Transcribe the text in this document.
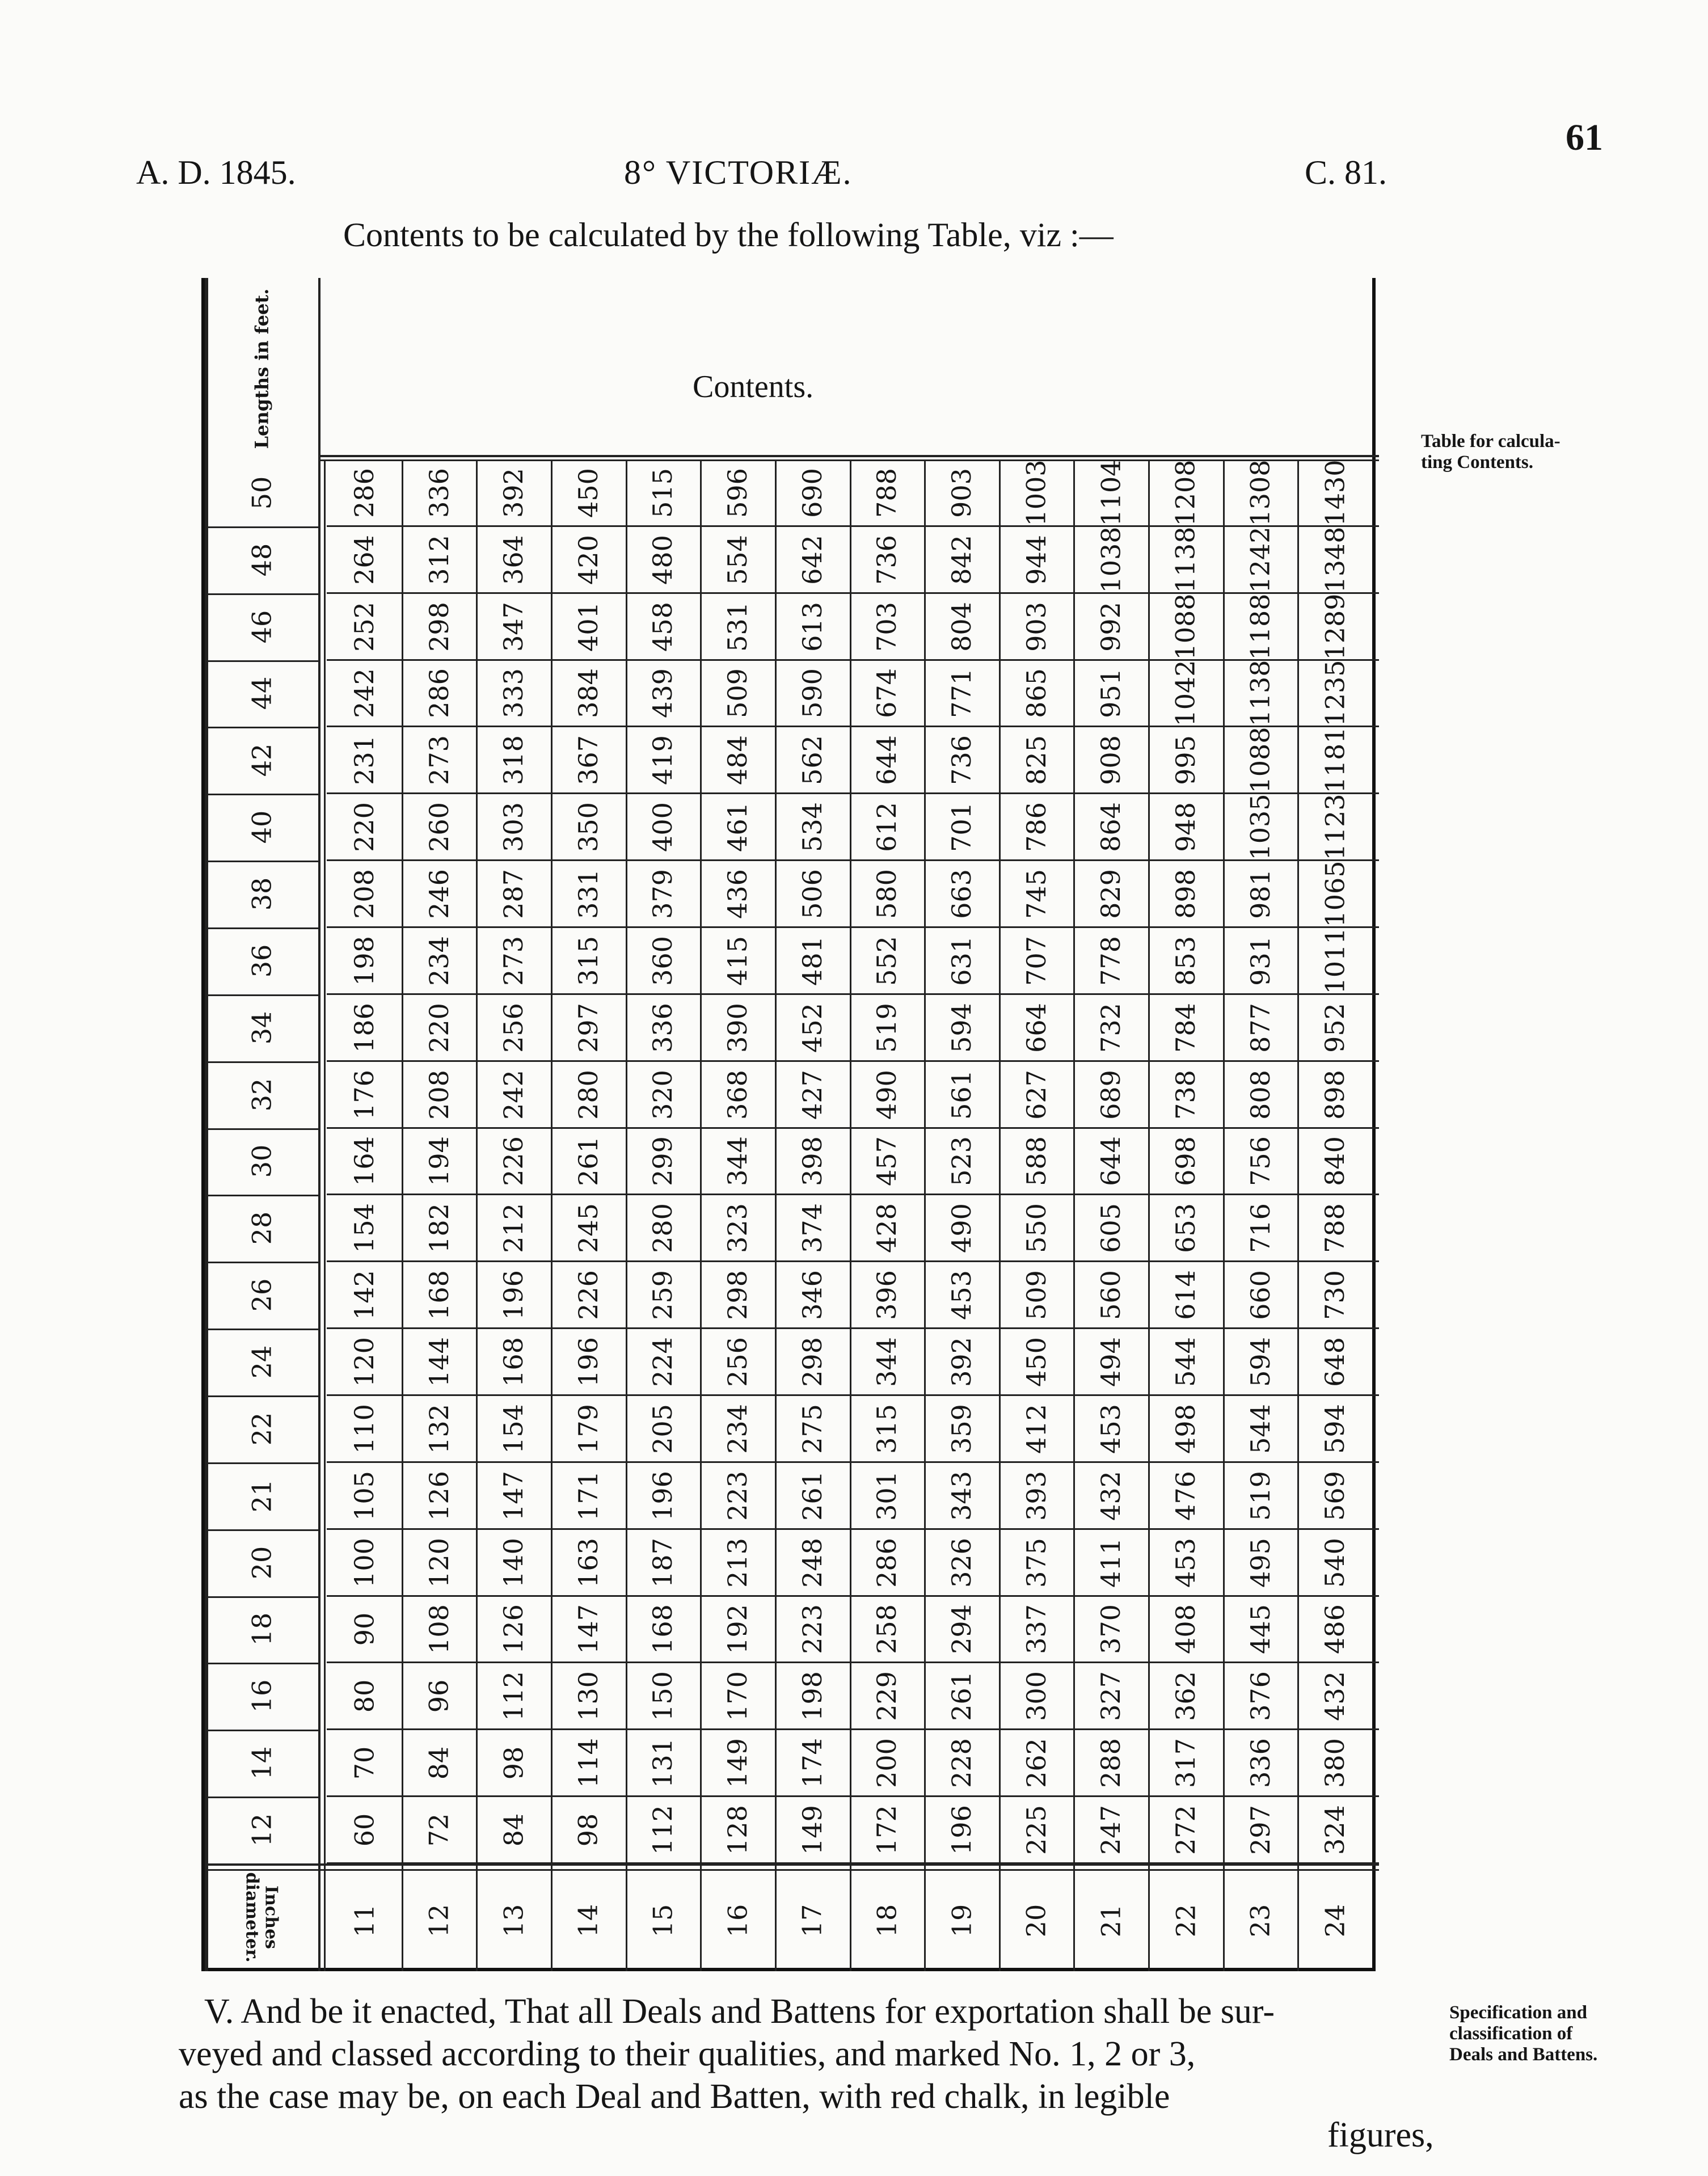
A. D. 1845.	8° VICTORIÆ.	C. 81.
61
Contents to be calculated by the following Table, viz :—
Contents.
Lengths in feet.
50	286 336 392 450 515 596 690 788 903 1003 1104 1208 1308 1430
48	264 312 364 420 480 554 642 736 842 944 1038 1138 1242 1348
46	252 298 347 401 458 531 613 703 804 903 992 1088 1188 1289
44	242 286 333 384 439 509 590 674 771 865 951 1042 1138 1235
42	231 273 318 367 419 484 562 644 736 825 908 995 1088 1181
40	220 260 303 350 400 461 534 612 701 786 864 948 1035 1123
38	208 246 287 331 379 436 506 580 663 745 829 898 981 1065
36	198 234 273 315 360 415 481 552 631 707 778 853 931 1011
34	186 220 256 297 336 390 452 519 594 664 732 784 877 952
32	176 208 242 280 320 368 427 490 561 627 689 738 808 898
30	164 194 226 261 299 344 398 457 523 588 644 698 756 840
28	154 182 212 245 280 323 374 428 490 550 605 653 716 788
26	142 168 196 226 259 298 346 396 453 509 560 614 660 730
24	120 144 168 196 224 256 298 344 392 450 494 544 594 648
22	110 132 154 179 205 234 275 315 359 412 453 498 544 594
21	105 126 147 171 196 223 261 301 343 393 432 476 519 569
20	100 120 140 163 187 213 248 286 326 375 411 453 495 540
18	90 108 126 147 168 192 223 258 294 337 370 408 445 486
16	80 96 112 130 150 170 198 229 261 300 327 362 376 432
14	70 84 98 114 131 149 174 200 228 262 288 317 336 380
12	60 72 84 98 112 128 149 172 196 225 247 272 297 324
Inches
diameter.	11 12 13 14 15 16 17 18 19 20 21 22 23 24
Table for calcula-
ting Contents.
Specification and
classification of
Deals and Battens.
V. And be it enacted, That all Deals and Battens for exportation shall be sur-
veyed and classed according to their qualities, and marked No. 1, 2 or 3,
as the case may be, on each Deal and Batten, with red chalk, in legible
figures,
